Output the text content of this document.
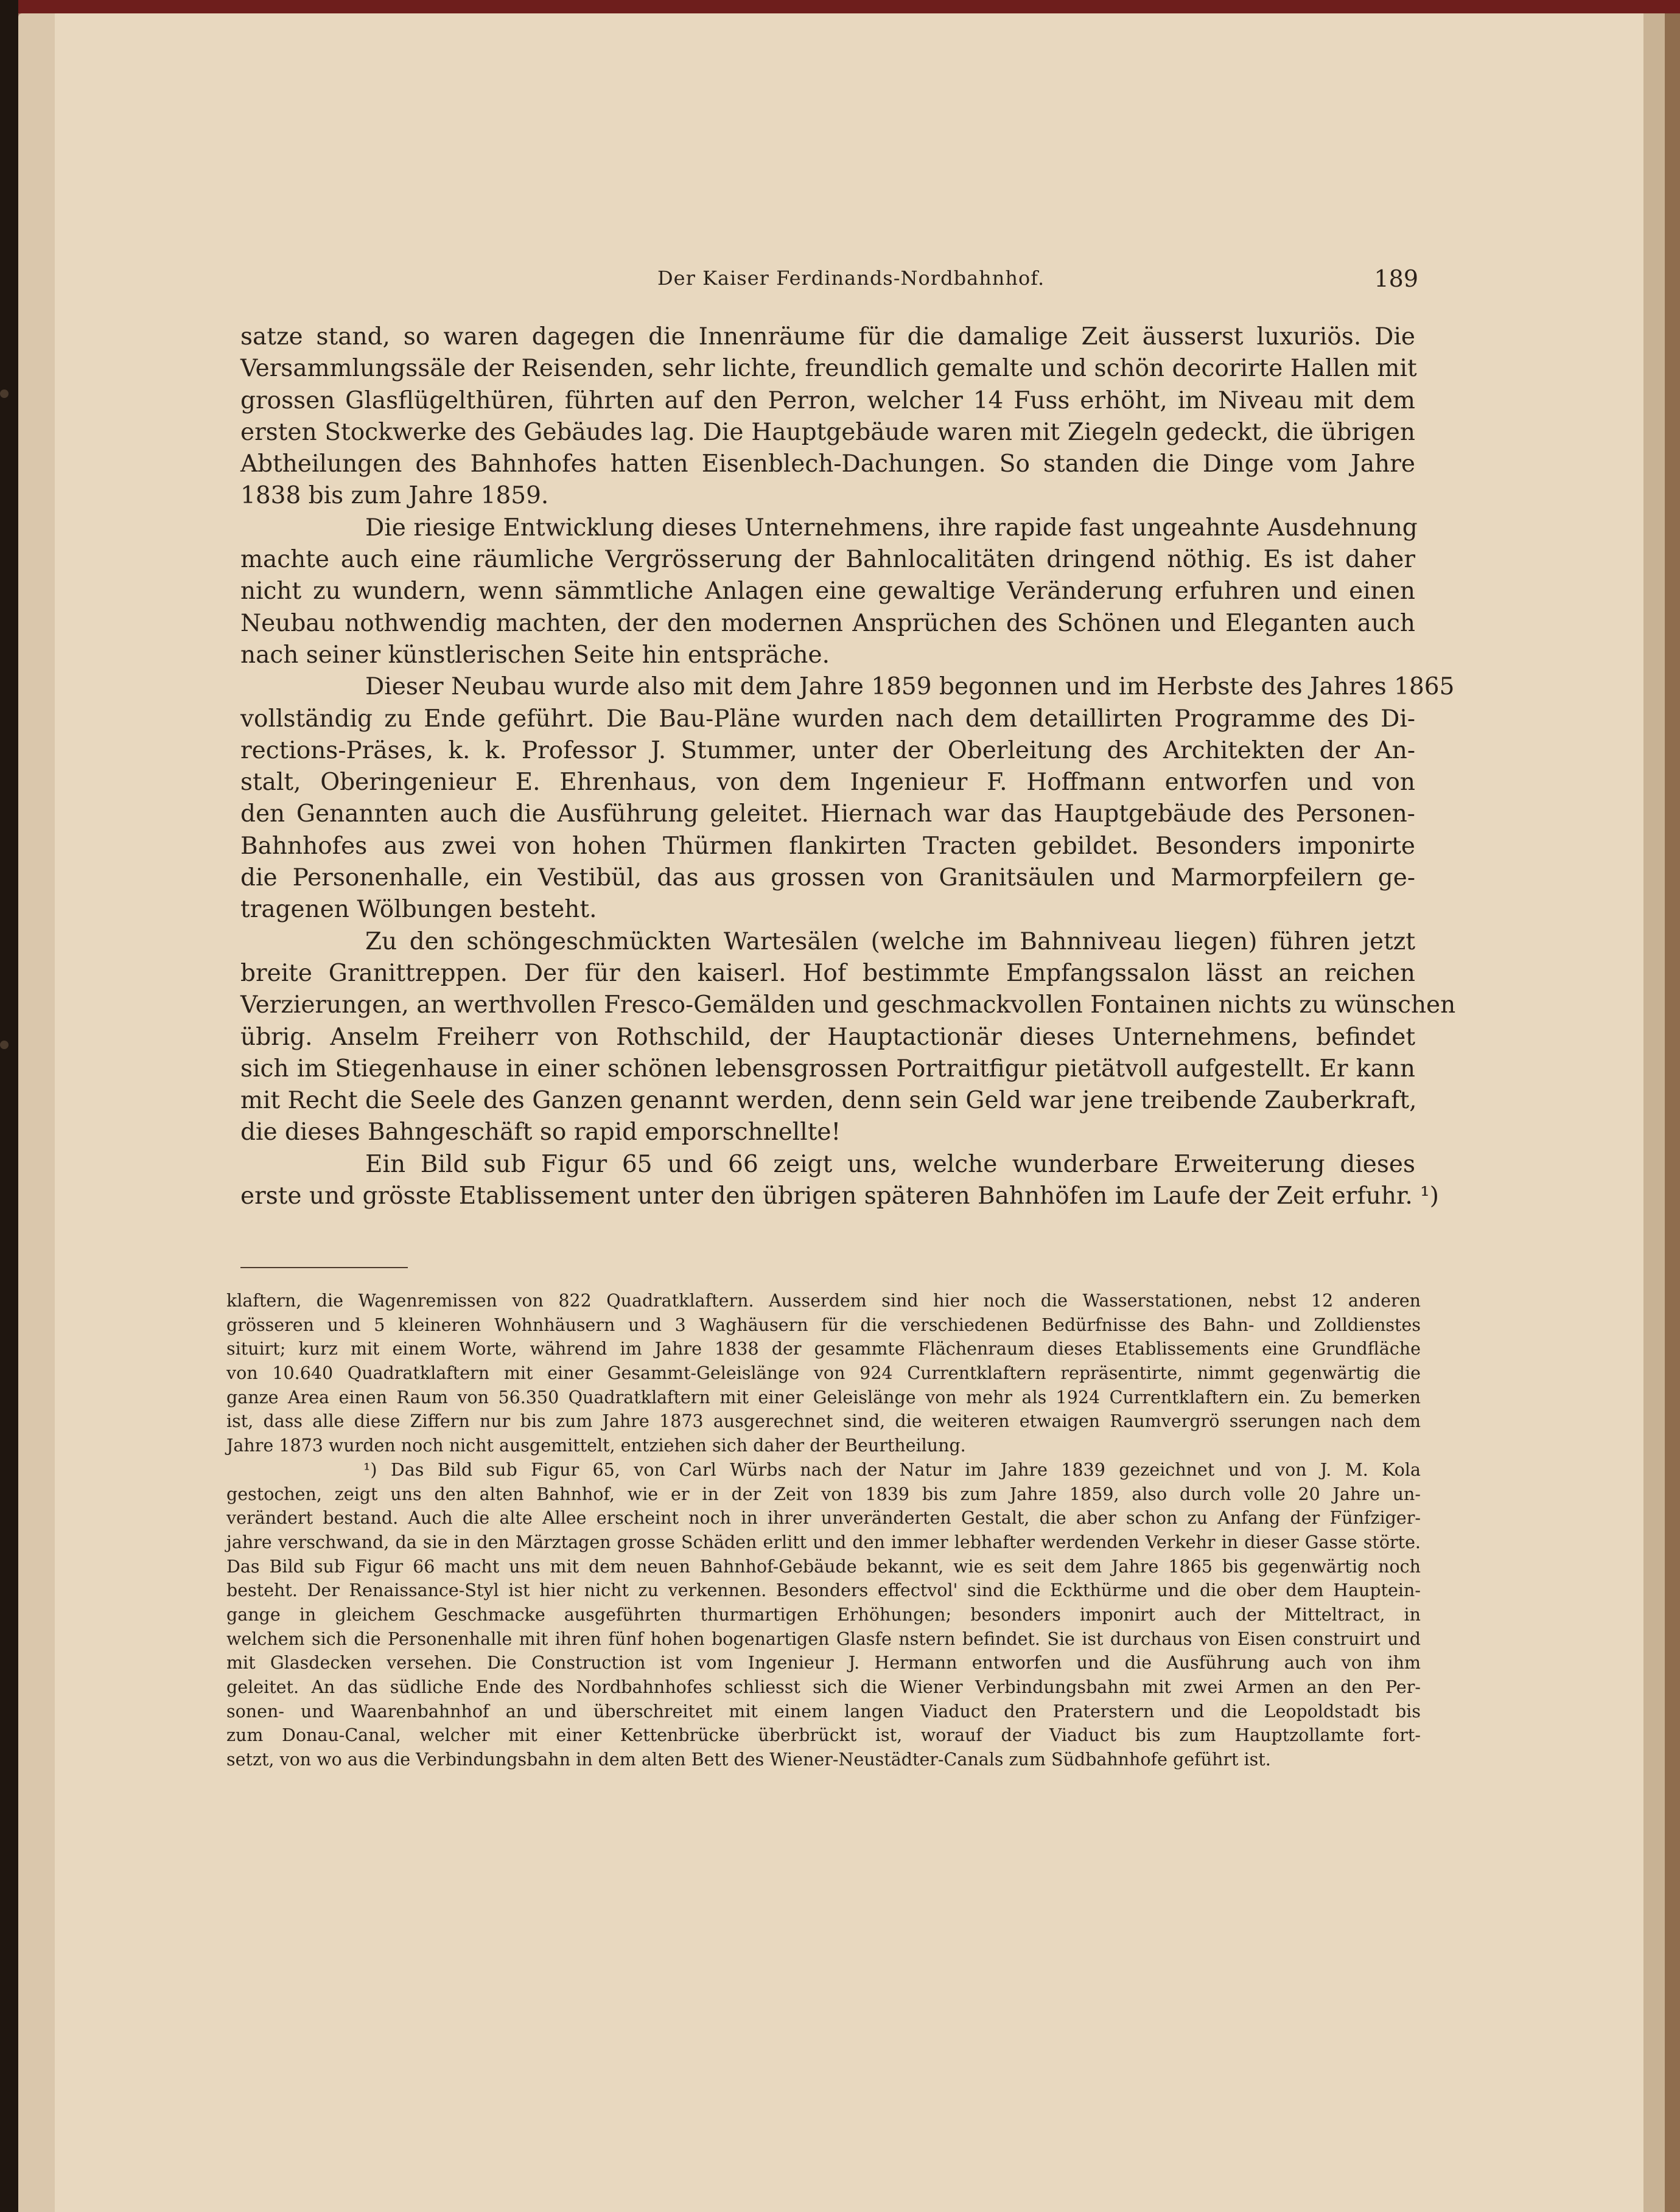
Der Kaiser Ferdinands-Nordbahnhof.	189
satze stand, so waren dagegen die Innenräume für die damalige Zeit äusserst luxuriös. Die
Versammlungssäle der Reisenden, sehr lichte, freundlich gemalte und schön decorirte Hallen mit
grossen Glasflügelthüren, führten auf den Perron, welcher 14 Fuss erhöht, im Niveau mit dem
ersten Stockwerke des Gebäudes lag. Die Hauptgebäude waren mit Ziegeln gedeckt, die übrigen
Abtheilungen des Bahnhofes hatten Eisenblech-Dachungen. So standen die Dinge vom Jahre
1838 bis zum Jahre 1859.
Die riesige Entwicklung dieses Unternehmens, ihre rapide fast ungeahnte Ausdehnung
machte auch eine räumliche Vergrösserung der Bahnlocalitäten dringend nöthig. Es ist daher
nicht zu wundern, wenn sämmtliche Anlagen eine gewaltige Veränderung erfuhren und einen
Neubau nothwendig machten, der den modernen Ansprüchen des Schönen und Eleganten auch
nach seiner künstlerischen Seite hin entspräche.
Dieser Neubau wurde also mit dem Jahre 1859 begonnen und im Herbste des Jahres 1865
vollständig zu Ende geführt. Die Bau-Pläne wurden nach dem detaillirten Programme des Di-
rections-Präses, k. k. Professor J. Stummer, unter der Oberleitung des Architekten der An-
stalt, Oberingenieur E. Ehrenhaus, von dem Ingenieur F. Hoffmann entworfen und von
den Genannten auch die Ausführung geleitet. Hiernach war das Hauptgebäude des Personen-
Bahnhofes aus zwei von hohen Thürmen flankirten Tracten gebildet. Besonders imponirte
die Personenhalle, ein Vestibül, das aus grossen von Granitsäulen und Marmorpfeilern ge-
tragenen Wölbungen besteht.
Zu den schöngeschmückten Wartesälen (welche im Bahnniveau liegen) führen jetzt
breite Granittreppen. Der für den kaiserl. Hof bestimmte Empfangssalon lässt an reichen
Verzierungen, an werthvollen Fresco-Gemälden und geschmackvollen Fontainen nichts zu wünschen
übrig. Anselm Freiherr von Rothschild, der Hauptactionär dieses Unternehmens, befindet
sich im Stiegenhause in einer schönen lebensgrossen Portraitfigur pietätvoll aufgestellt. Er kann
mit Recht die Seele des Ganzen genannt werden, denn sein Geld war jene treibende Zauberkraft,
die dieses Bahngeschäft so rapid emporschnellte!
Ein Bild sub Figur 65 und 66 zeigt uns, welche wunderbare Erweiterung dieses
erste und grösste Etablissement unter den übrigen späteren Bahnhöfen im Laufe der Zeit erfuhr. ¹)
klaftern, die Wagenremissen von 822 Quadratklaftern. Ausserdem sind hier noch die Wasserstationen, nebst 12 anderen
grösseren und 5 kleineren Wohnhäusern und 3 Waghäusern für die verschiedenen Bedürfnisse des Bahn- und Zolldienstes
situirt; kurz mit einem Worte, während im Jahre 1838 der gesammte Flächenraum dieses Etablissements eine Grundfläche
von 10.640 Quadratklaftern mit einer Gesammt-Geleislänge von 924 Currentklaftern repräsentirte, nimmt gegenwärtig die
ganze Area einen Raum von 56.350 Quadratklaftern mit einer Geleislänge von mehr als 1924 Currentklaftern ein. Zu bemerken
ist, dass alle diese Ziffern nur bis zum Jahre 1873 ausgerechnet sind, die weiteren etwaigen Raumvergrö sserungen nach dem
Jahre 1873 wurden noch nicht ausgemittelt, entziehen sich daher der Beurtheilung.
¹) Das Bild sub Figur 65, von Carl Würbs nach der Natur im Jahre 1839 gezeichnet und von J. M. Kola
gestochen, zeigt uns den alten Bahnhof, wie er in der Zeit von 1839 bis zum Jahre 1859, also durch volle 20 Jahre un-
verändert bestand. Auch die alte Allee erscheint noch in ihrer unveränderten Gestalt, die aber schon zu Anfang der Fünfziger-
jahre verschwand, da sie in den Märztagen grosse Schäden erlitt und den immer lebhafter werdenden Verkehr in dieser Gasse störte.
Das Bild sub Figur 66 macht uns mit dem neuen Bahnhof-Gebäude bekannt, wie es seit dem Jahre 1865 bis gegenwärtig noch
besteht. Der Renaissance-Styl ist hier nicht zu verkennen. Besonders effectvol' sind die Eckthürme und die ober dem Hauptein-
gange in gleichem Geschmacke ausgeführten thurmartigen Erhöhungen; besonders imponirt auch der Mitteltract, in
welchem sich die Personenhalle mit ihren fünf hohen bogenartigen Glasfe nstern befindet. Sie ist durchaus von Eisen construirt und
mit Glasdecken versehen. Die Construction ist vom Ingenieur J. Hermann entworfen und die Ausführung auch von ihm
geleitet. An das südliche Ende des Nordbahnhofes schliesst sich die Wiener Verbindungsbahn mit zwei Armen an den Per-
sonen- und Waarenbahnhof an und überschreitet mit einem langen Viaduct den Praterstern und die Leopoldstadt bis
zum Donau-Canal, welcher mit einer Kettenbrücke überbrückt ist, worauf der Viaduct bis zum Hauptzollamte fort-
setzt, von wo aus die Verbindungsbahn in dem alten Bett des Wiener-Neustädter-Canals zum Südbahnhofe geführt ist.
